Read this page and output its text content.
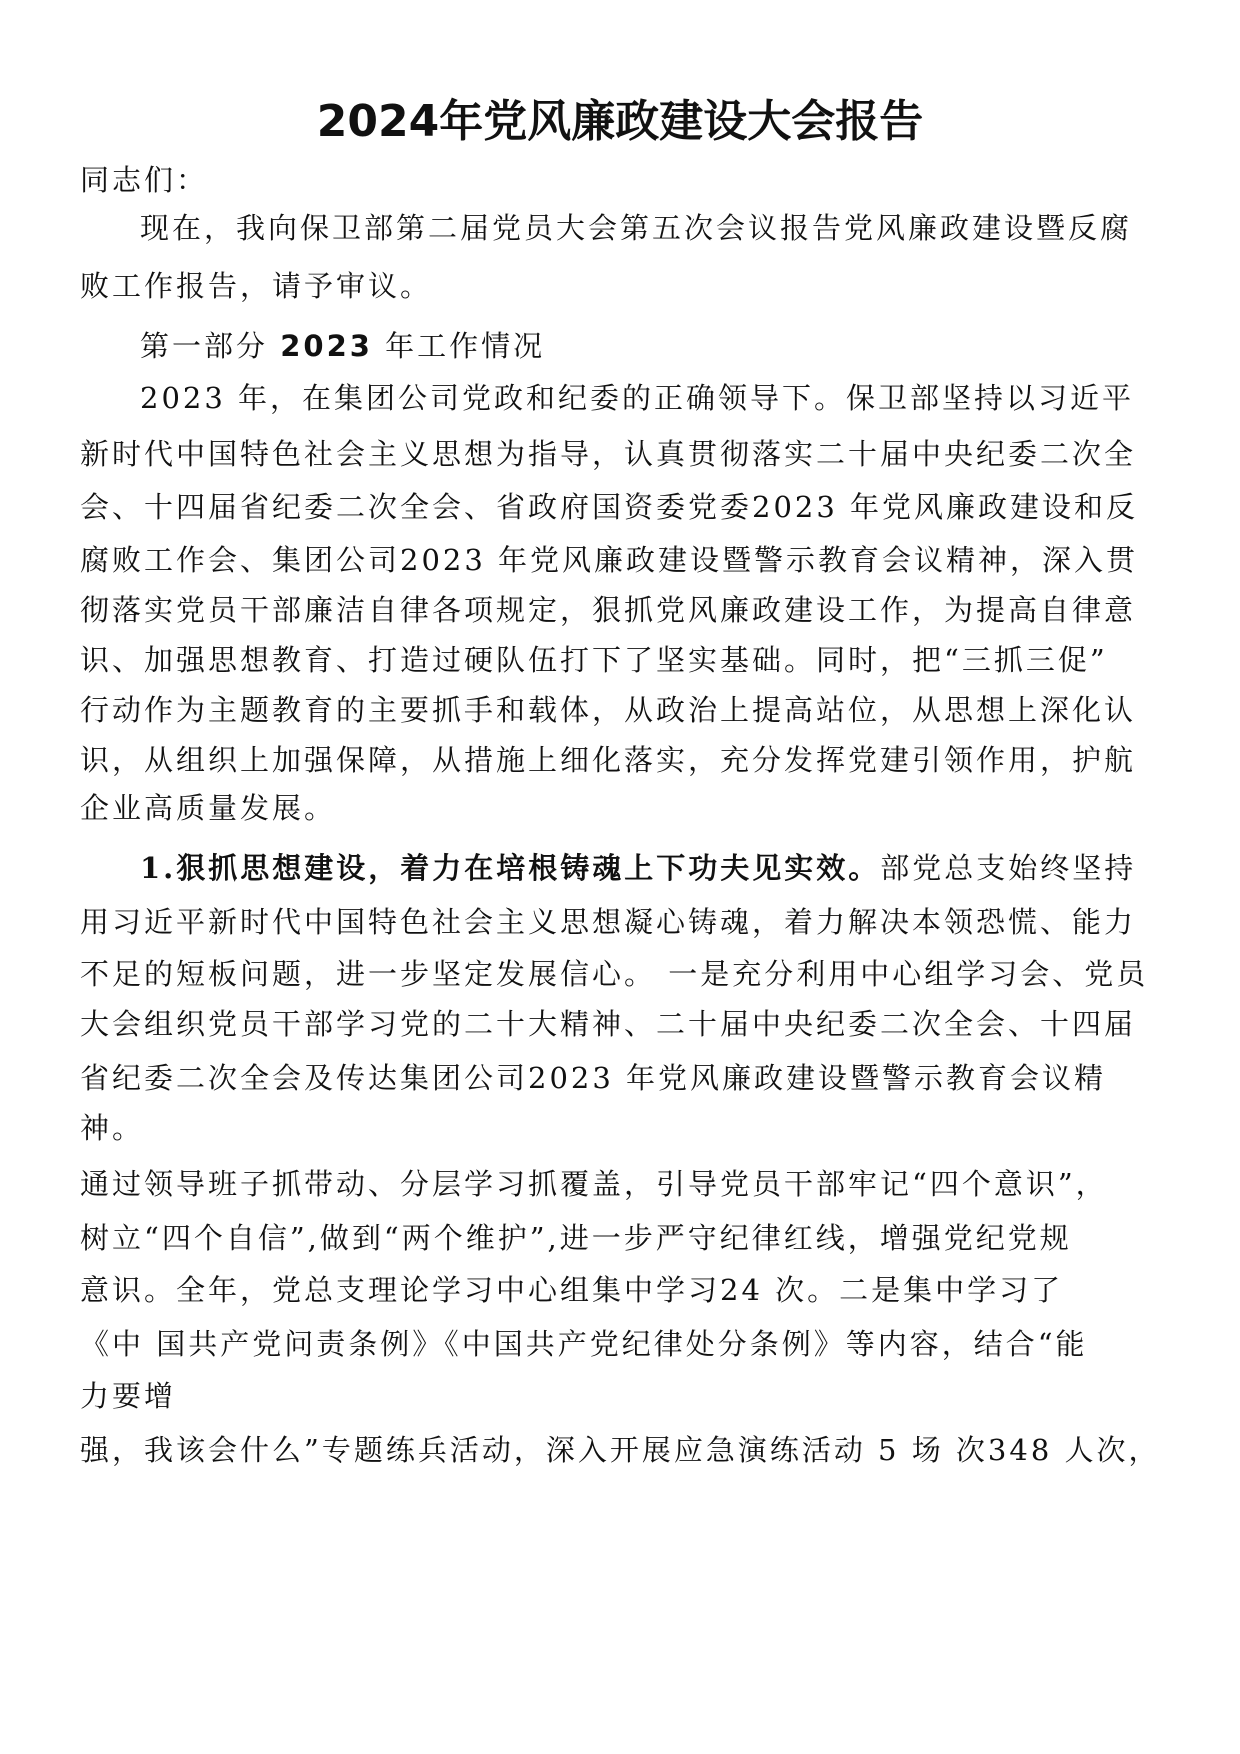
2024年党风廉政建设大会报告
同志们：
现在，我向保卫部第二届党员大会第五次会议报告党风廉政建设暨反腐
败工作报告，请予审议。
第一部分 2023 年工作情况
2023 年，在集团公司党政和纪委的正确领导下。保卫部坚持以习近平
新时代中国特色社会主义思想为指导，认真贯彻落实二十届中央纪委二次全
会、十四届省纪委二次全会、省政府国资委党委2023 年党风廉政建设和反
腐败工作会、集团公司2023 年党风廉政建设暨警示教育会议精神，深入贯
彻落实党员干部廉洁自律各项规定，狠抓党风廉政建设工作，为提高自律意
识、加强思想教育、打造过硬队伍打下了坚实基础。同时，把“三抓三促”
行动作为主题教育的主要抓手和载体，从政治上提高站位，从思想上深化认
识，从组织上加强保障，从措施上细化落实，充分发挥党建引领作用，护航
企业高质量发展。
1.狠抓思想建设，着力在培根铸魂上下功夫见实效。部党总支始终坚持
用习近平新时代中国特色社会主义思想凝心铸魂，着力解决本领恐慌、能力
不足的短板问题，进一步坚定发展信心。 一是充分利用中心组学习会、党员
大会组织党员干部学习党的二十大精神、二十届中央纪委二次全会、十四届
省纪委二次全会及传达集团公司2023 年党风廉政建设暨警示教育会议精
神。
通过领导班子抓带动、分层学习抓覆盖，引导党员干部牢记“四个意识”，
树立“四个自信”,做到“两个维护”,进一步严守纪律红线，增强党纪党规
意识。全年，党总支理论学习中心组集中学习24 次。二是集中学习了
《中 国共产党问责条例》《中国共产党纪律处分条例》等内容，结合“能
力要增
强，我该会什么”专题练兵活动，深入开展应急演练活动 5 场 次348 人次，
